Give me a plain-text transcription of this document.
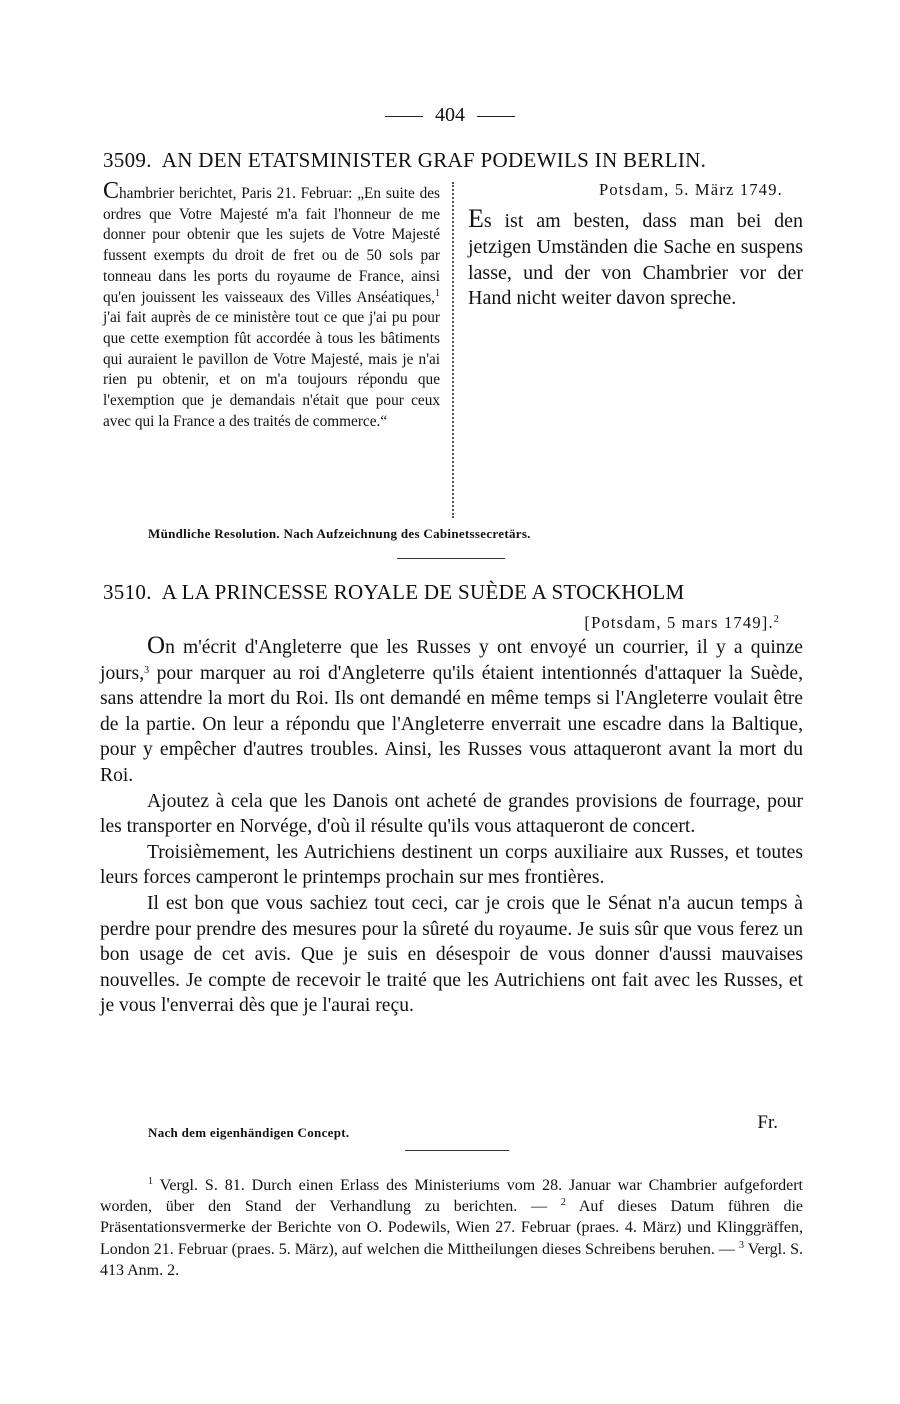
404
3509. AN DEN ETATSMINISTER GRAF PODEWILS IN BERLIN.

Chambrier berichtet, Paris 21. Februar: „En suite des ordres que Votre Majesté m'a fait l'honneur de me donner pour obtenir que les sujets de Votre Majesté fussent exempts du droit de fret ou de 50 sols par tonneau dans les ports du royaume de France, ainsi qu'en jouissent les vaisseaux des Villes Anséatiques,$^1$ j'ai fait auprès de ce ministère tout ce que j'ai pu pour que cette exemption fût accordée à tous les bâtiments qui auraient le pavillon de Votre Majesté, mais je n'ai rien pu obtenir, et on m'a toujours répondu que l'exemption que je demandais n'était que pour ceux avec qui la France a des traités de commerce.“

Potsdam, 5. März 1749.
Es ist am besten, dass man bei den jetzigen Umständen die Sache en suspens lasse, und der von Chambrier vor der Hand nicht weiter davon spreche.
Mündliche Resolution. Nach Aufzeichnung des Cabinetssecretärs.
3510. A LA PRINCESSE ROYALE DE SUÈDE A STOCKHOLM
[Potsdam, 5 mars 1749].$^2$

On m'écrit d'Angleterre que les Russes y ont envoyé un courrier, il y a quinze jours,$^3$ pour marquer au roi d'Angleterre qu'ils étaient intentionnés d'attaquer la Suède, sans attendre la mort du Roi. Ils ont demandé en même temps si l'Angleterre voulait être de la partie. On leur a répondu que l'Angleterre enverrait une escadre dans la Baltique, pour y empêcher d'autres troubles. Ainsi, les Russes vous attaqueront avant la mort du Roi.

Ajoutez à cela que les Danois ont acheté de grandes provisions de fourrage, pour les transporter en Norvége, d'où il résulte qu'ils vous attaqueront de concert.

Troisièmement, les Autrichiens destinent un corps auxiliaire aux Russes, et toutes leurs forces camperont le printemps prochain sur mes frontières.

Il est bon que vous sachiez tout ceci, car je crois que le Sénat n'a aucun temps à perdre pour prendre des mesures pour la sûreté du royaume. Je suis sûr que vous ferez un bon usage de cet avis. Que je suis en désespoir de vous donner d'aussi mauvaises nouvelles. Je compte de recevoir le traité que les Autrichiens ont fait avec les Russes, et je vous l'enverrai dès que je l'aurai reçu.

Fr.
Nach dem eigenhändigen Concept.

$^1$ Vergl. S. 81. Durch einen Erlass des Ministeriums vom 28. Januar war Chambrier aufgefordert worden, über den Stand der Verhandlung zu berichten. — $^2$ Auf dieses Datum führen die Präsentationsvermerke der Berichte von O. Podewils, Wien 27. Februar (praes. 4. März) und Klinggräffen, London 21. Februar (praes. 5. März), auf welchen die Mittheilungen dieses Schreibens beruhen. — $^3$ Vergl. S. 413 Anm. 2.
